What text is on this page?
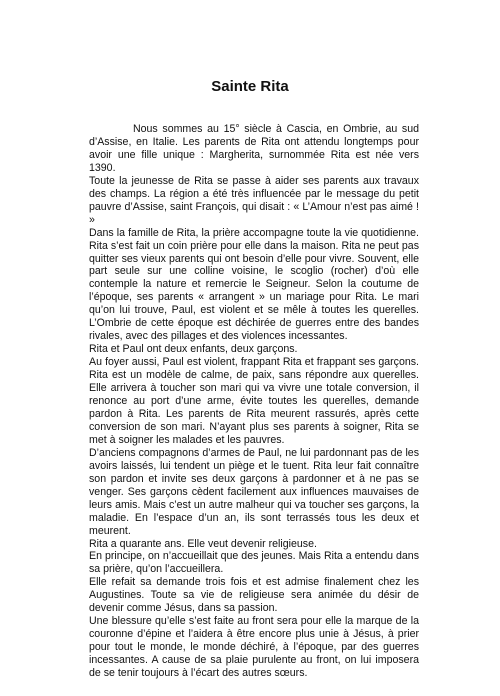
Sainte Rita

Nous sommes au 15° siècle à Cascia, en Ombrie, au sud d’Assise, en Italie. Les parents de Rita ont attendu longtemps pour avoir une fille unique : Margherita, surnommée Rita est née vers 1390.

Toute la jeunesse de Rita se passe à aider ses parents aux travaux des champs. La région a été très influencée par le message du petit pauvre d’Assise, saint François, qui disait : « L’Amour n’est pas aimé ! »

Dans la famille de Rita, la prière accompagne toute la vie quotidienne. Rita s’est fait un coin prière pour elle dans la maison. Rita ne peut pas quitter ses vieux parents qui ont besoin d’elle pour vivre. Souvent, elle part seule sur une colline voisine, le scoglio (rocher) d’où elle contemple la nature et remercie le Seigneur. Selon la coutume de l’époque, ses parents « arrangent » un mariage pour Rita. Le mari qu’on lui trouve, Paul, est violent et se mêle à toutes les querelles. L’Ombrie de cette époque est déchirée de guerres entre des bandes rivales, avec des pillages et des violences incessantes.

Rita et Paul ont deux enfants, deux garçons.

Au foyer aussi, Paul est violent, frappant Rita et frappant ses garçons. Rita est un modèle de calme, de paix, sans répondre aux querelles. Elle arrivera à toucher son mari qui va vivre une totale conversion, il renonce au port d’une arme, évite toutes les querelles, demande pardon à Rita. Les parents de Rita meurent rassurés, après cette conversion de son mari. N’ayant plus ses parents à soigner, Rita se met à soigner les malades et les pauvres.

D’anciens compagnons d’armes de Paul, ne lui pardonnant pas de les avoirs laissés, lui tendent un piège et le tuent. Rita leur fait connaître son pardon et invite ses deux garçons à pardonner et à ne pas se venger. Ses garçons cèdent facilement aux influences mauvaises de leurs amis. Mais c’est un autre malheur qui va toucher ses garçons, la maladie. En l’espace d’un an, ils sont terrassés tous les deux et meurent.

Rita a quarante ans. Elle veut devenir religieuse.

En principe, on n’accueillait que des jeunes. Mais Rita a entendu dans sa prière, qu’on l’accueillera.

Elle refait sa demande trois fois et est admise finalement chez les Augustines. Toute sa vie de religieuse sera animée du désir de devenir comme Jésus, dans sa passion.

Une blessure qu’elle s’est faite au front sera pour elle la marque de la couronne d’épine et l’aidera à être encore plus unie à Jésus, à prier pour tout le monde, le monde déchiré, à l’époque, par des guerres incessantes. A cause de sa plaie purulente au front, on lui imposera de se tenir toujours à l’écart des autres sœurs.
